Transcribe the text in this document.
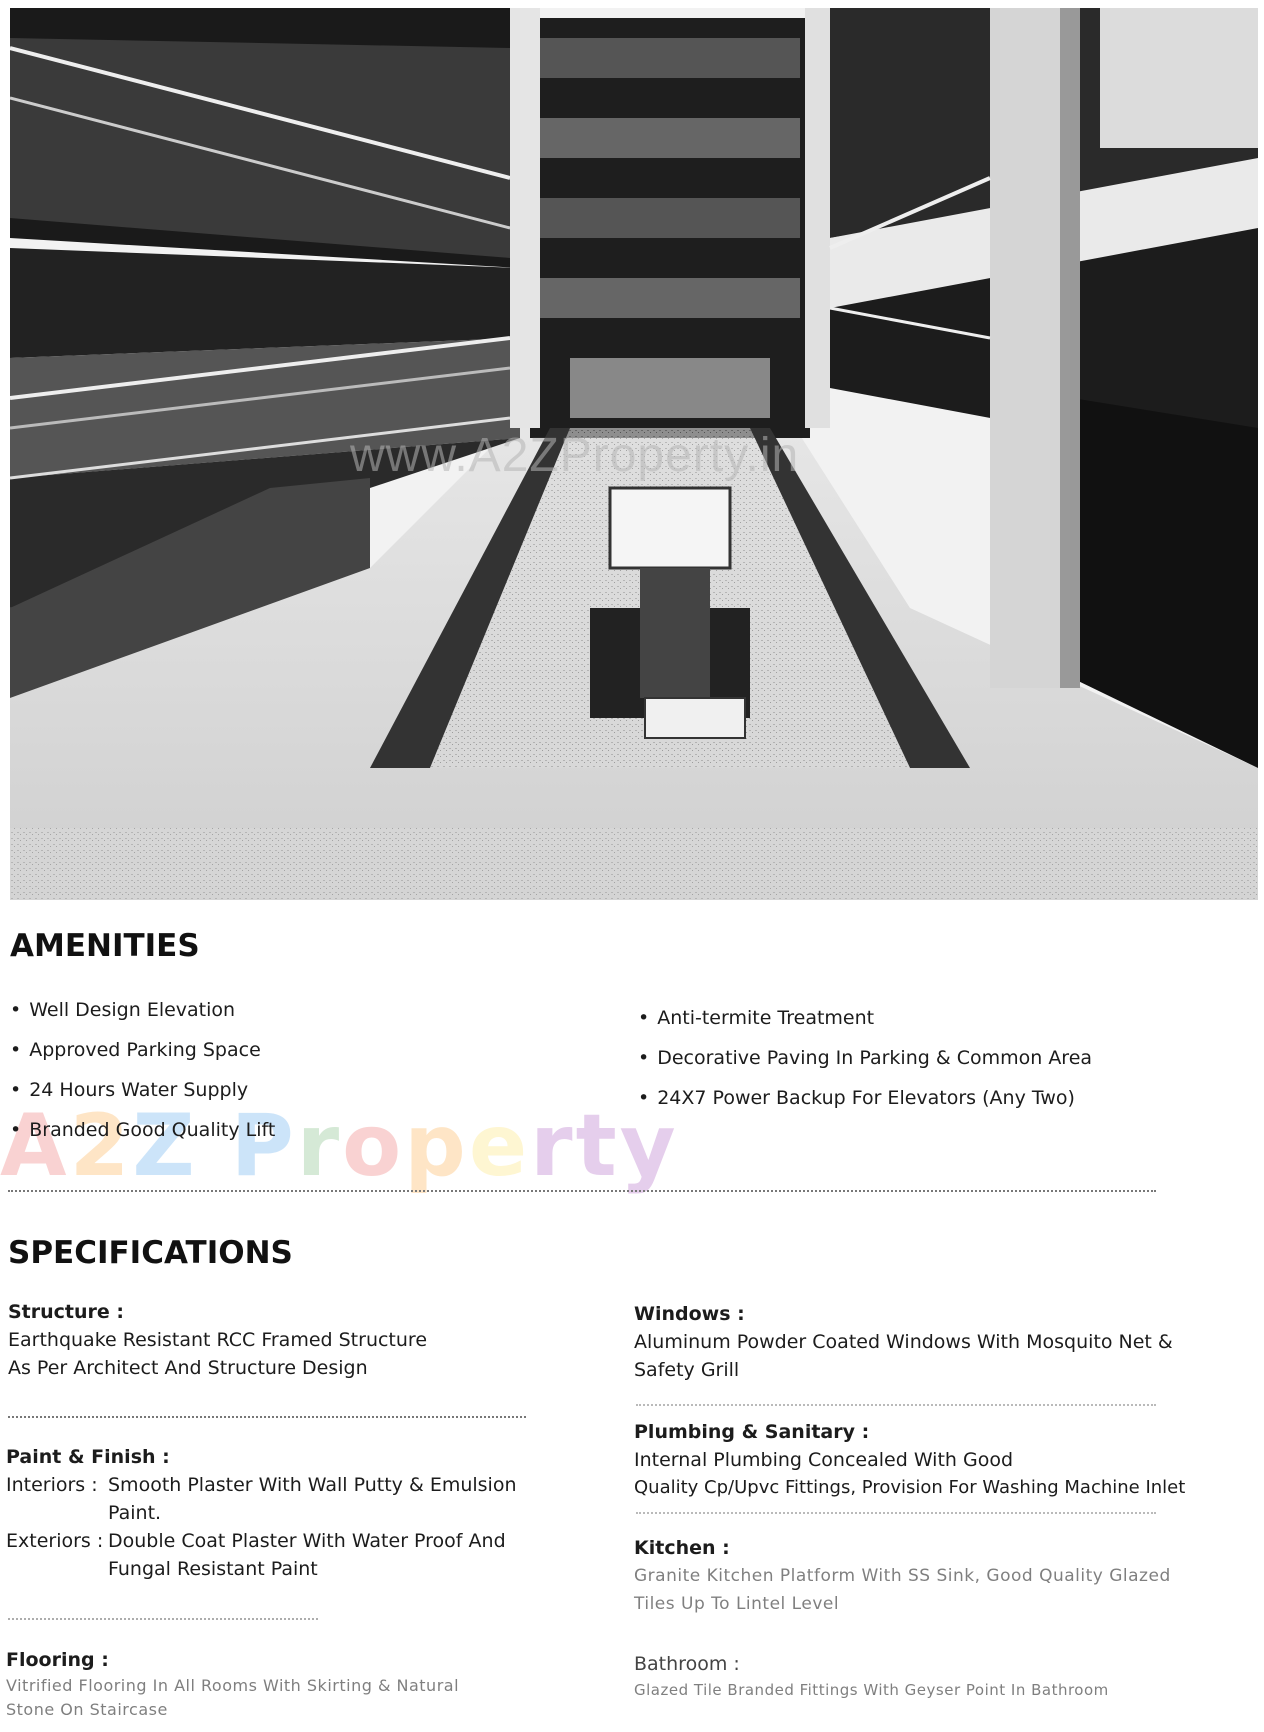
www.A2ZProperty.in
A2Z Property
AMENITIES
• Well Design Elevation
• Approved Parking Space
• 24 Hours Water Supply
• Branded Good Quality Lift
• Anti-termite Treatment
• Decorative Paving In Parking & Common Area
• 24X7 Power Backup For Elevators (Any Two)
SPECIFICATIONS
Structure :
Earthquake Resistant RCC Framed Structure
As Per Architect And Structure Design
Paint & Finish :
Interiors : Smooth Plaster With Wall Putty & Emulsion Paint.
Exteriors : Double Coat Plaster With Water Proof And Fungal Resistant Paint
Flooring :
Vitrified Flooring In All Rooms With Skirting & Natural
Stone On Staircase
Windows :
Aluminum Powder Coated Windows With Mosquito Net &
Safety Grill
Plumbing & Sanitary :
Internal Plumbing Concealed With Good
Quality Cp/Upvc Fittings, Provision For Washing Machine Inlet
Kitchen :
Granite Kitchen Platform With SS Sink, Good Quality Glazed
Tiles Up To Lintel Level
Bathroom :
Glazed Tile Branded Fittings With Geyser Point In Bathroom
